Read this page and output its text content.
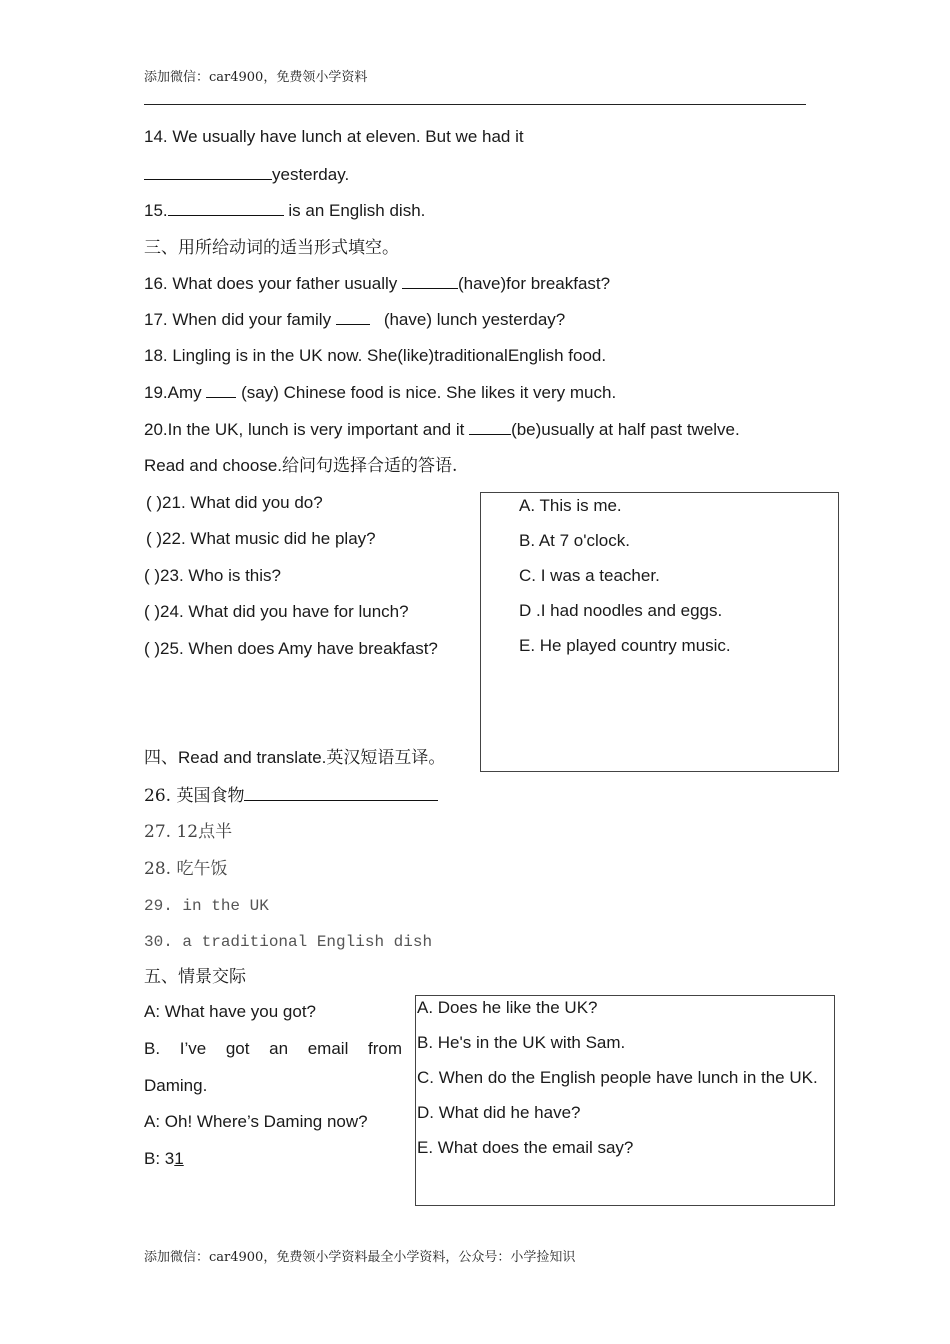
添加微信：car4900，免费领小学资料
14. We usually have lunch at eleven. But we had it
yesterday.
15.	is an English dish.
三、用所给动词的适当形式填空。
16. What does your father usually	(have)for breakfast?
17. When did your family	(have) lunch yesterday?
18. Lingling is in the UK now. She(like)traditionalEnglish food.
19.Amy  (say) Chinese food is nice. She likes it very much.
20.In the UK, lunch is very important and it (be)usually at half past twelve.
Read and choose.给问句选择合适的答语.
( )21. What did you do?
( )22. What music did he play?
( )23. Who is this?
( )24. What did you have for lunch?
( )25. When does Amy have breakfast?
A. This is me.
B. At 7 o'clock.
C. I was a teacher.
D .I had noodles and eggs.
E. He played country music.
四、Read and translate.英汉短语互译。
26. 英国食物
27. 12点半
28. 吃午饭
29. in the UK
30. a traditional English dish
五、情景交际
A: What have you got?
B. I’ve got an email from
Daming.
A: Oh! Where’s Daming now?
B: 31
A. Does he like the UK?
B. He's in the UK with Sam.
C. When do the English people have lunch in the UK.
D. What did he have?
E. What does the email say?
添加微信：car4900，免费领小学资料最全小学资料，公众号：小学捡知识
